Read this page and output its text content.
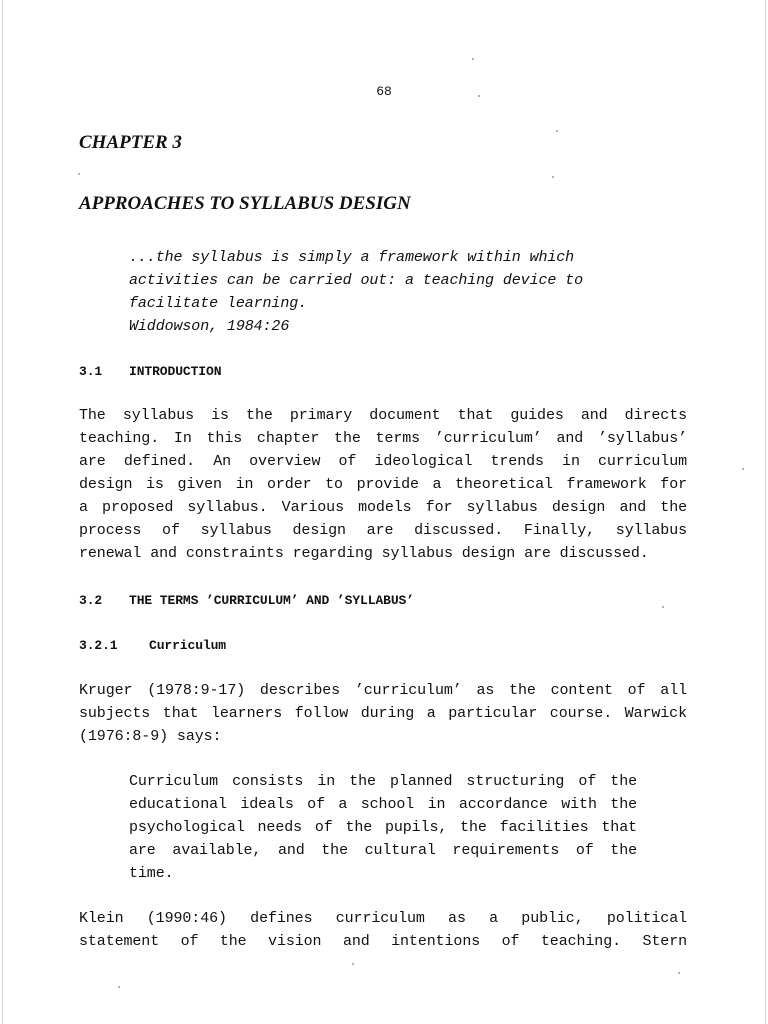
68
CHAPTER 3
APPROACHES TO SYLLABUS DESIGN
...the syllabus is simply a framework within which
activities can be carried out: a teaching device to
facilitate learning.
Widdowson, 1984:26
3.1 INTRODUCTION
The syllabus is the primary document that guides and directs
teaching. In this chapter the terms ’curriculum’ and ’syllabus’
are defined. An overview of ideological trends in curriculum
design is given in order to provide a theoretical framework for
a proposed syllabus. Various models for syllabus design and the
process of syllabus design are discussed. Finally, syllabus
renewal and constraints regarding syllabus design are discussed.
3.2 THE TERMS ’CURRICULUM’ AND ’SYLLABUS’
3.2.1 Curriculum
Kruger (1978:9-17) describes ’curriculum’ as the content of all
subjects that learners follow during a particular course. Warwick
(1976:8-9) says:
Curriculum consists in the planned structuring of the
educational ideals of a school in accordance with the
psychological needs of the pupils, the facilities that
are available, and the cultural requirements of the
time.
Klein (1990:46) defines curriculum as a public, political
statement of the vision and intentions of teaching. Stern
